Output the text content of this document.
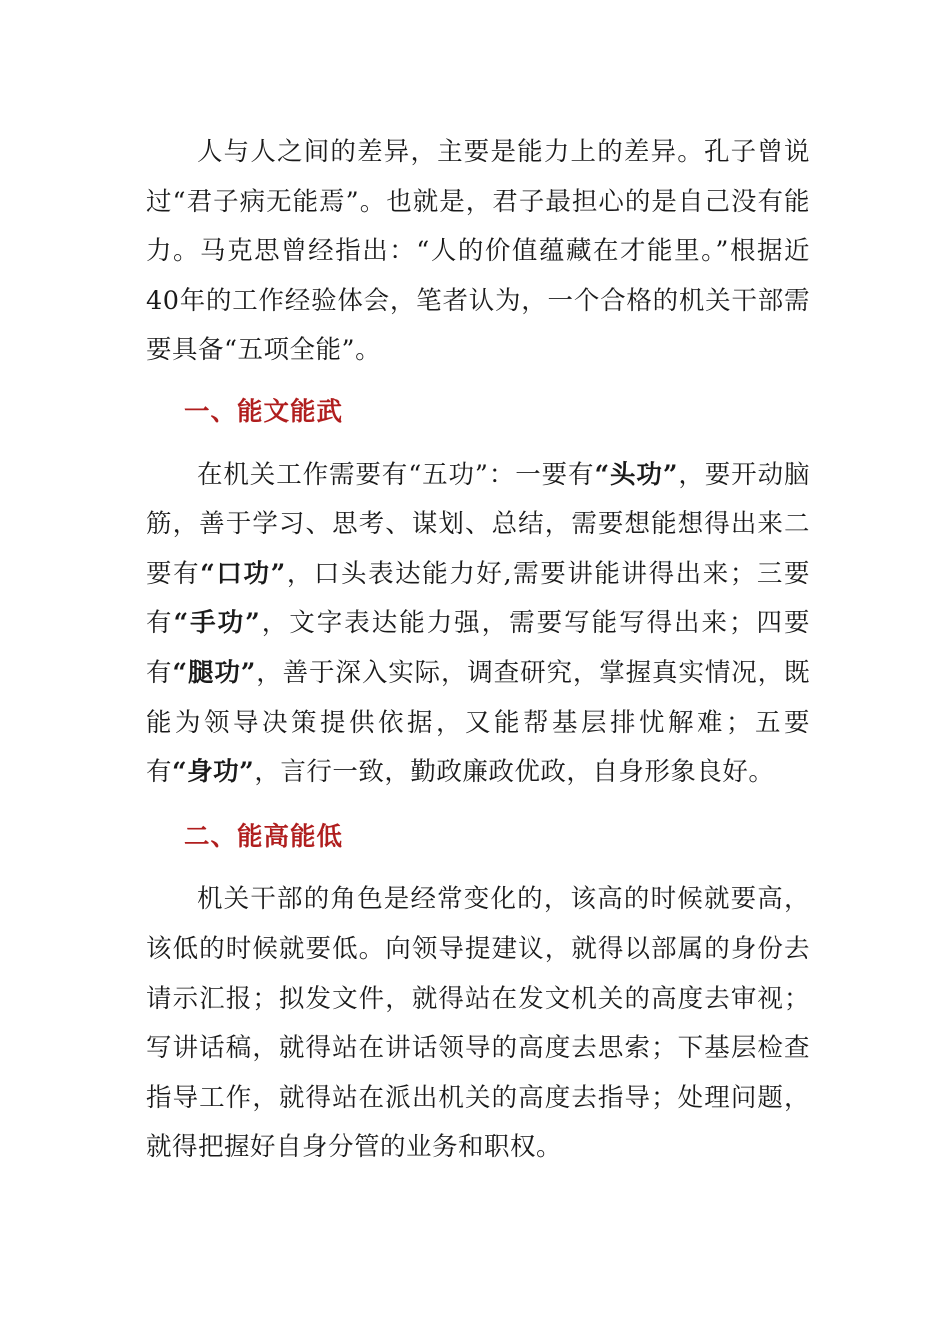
人与人之间的差异，主要是能力上的差异。孔子曾说过“君子病无能焉”。也就是，君子最担心的是自己没有能力。马克思曾经指出：“人的价值蕴藏在才能里。”根据近40年的工作经验体会，笔者认为，一个合格的机关干部需要具备“五项全能”。

一、能文能武

在机关工作需要有“五功”：一要有“头功”，要开动脑筋，善于学习、思考、谋划、总结，需要想能想得出来二要有“口功”，口头表达能力好,需要讲能讲得出来；三要有“手功”，文字表达能力强，需要写能写得出来；四要有“腿功”，善于深入实际，调查研究，掌握真实情况，既能为领导决策提供依据，又能帮基层排忧解难；五要有“身功”，言行一致，勤政廉政优政，自身形象良好。

二、能高能低

机关干部的角色是经常变化的，该高的时候就要高，该低的时候就要低。向领导提建议，就得以部属的身份去请示汇报；拟发文件，就得站在发文机关的高度去审视；写讲话稿，就得站在讲话领导的高度去思索；下基层检查指导工作，就得站在派出机关的高度去指导；处理问题，就得把握好自身分管的业务和职权。
